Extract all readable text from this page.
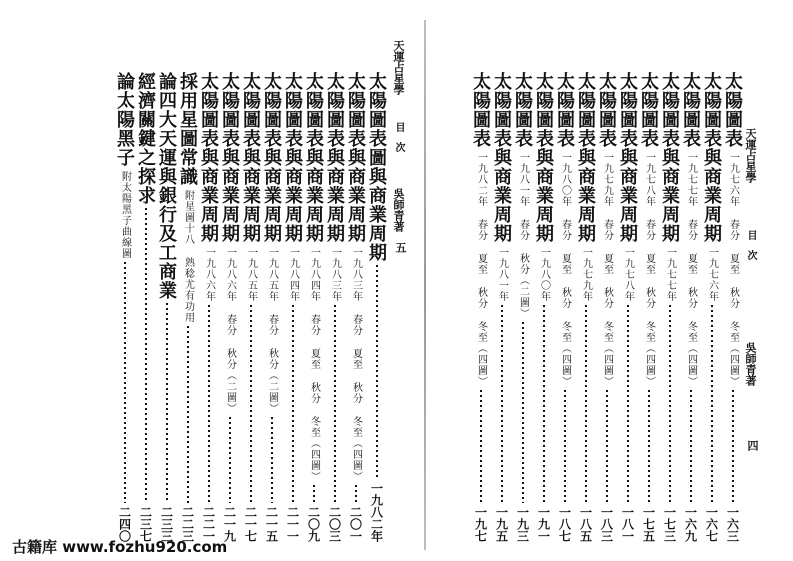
天運占星學
目　次
吳師青著
五
太陽圖表圖與商業周期
一九八二年
太陽圖表與商業周期
一九八三年 春分 夏至 秋分 冬至（四圖）
二〇一
太陽圖表與商業周期
一九八三年
二〇三
太陽圖表與商業周期
一九八四年 春分 夏至 秋分 冬至（四圖）
二〇九
太陽圖表與商業周期
一九八四年
二一一
太陽圖表與商業周期
一九八五年 春分 秋分（二圖）
二一五
太陽圖表與商業周期
一九八五年
二一七
太陽圖表與商業周期
一九八六年 春分 秋分（二圖）
二一九
太陽圖表與商業周期
一九八六年
二二一
採用星圖常識
附星圖十八 熟稔尤有功用
二二三
論四大天運與銀行及工商業
二三三
經濟關鍵之探求
二三七
論太陽黑子
附太陽黑子曲線圖
二四〇
天運占星學
目　次
吳師青著
四
太陽圖表
一九七六年 春分 夏至 秋分 冬至（四圖）
一六三
太陽圖表與商業周期
一九七六年
一六七
太陽圖表
一九七七年 春分 夏至 秋分 冬至（四圖）
一六九
太陽圖表與商業周期
一九七七年
一七三
太陽圖表
一九七八年 春分 夏至 秋分 冬至（四圖）
一七五
太陽圖表與商業周期
一九七八年
一八一
太陽圖表
一九七九年 春分 夏至 秋分 冬至（四圖）
一八三
太陽圖表與商業周期
一九七九年
一八五
太陽圖表
一九八〇年 春分 夏至 秋分 冬至（四圖）
一八七
太陽圖表與商業周期
一九八〇年
一九一
太陽圖表
一九八一年 春分 秋分（二圖）
一九三
太陽圖表與商業周期
一九八一年
一九五
太陽圖表
一九八二年 春分 夏至 秋分 冬至（四圖）
一九七
古籍库 www.fozhu920.com
